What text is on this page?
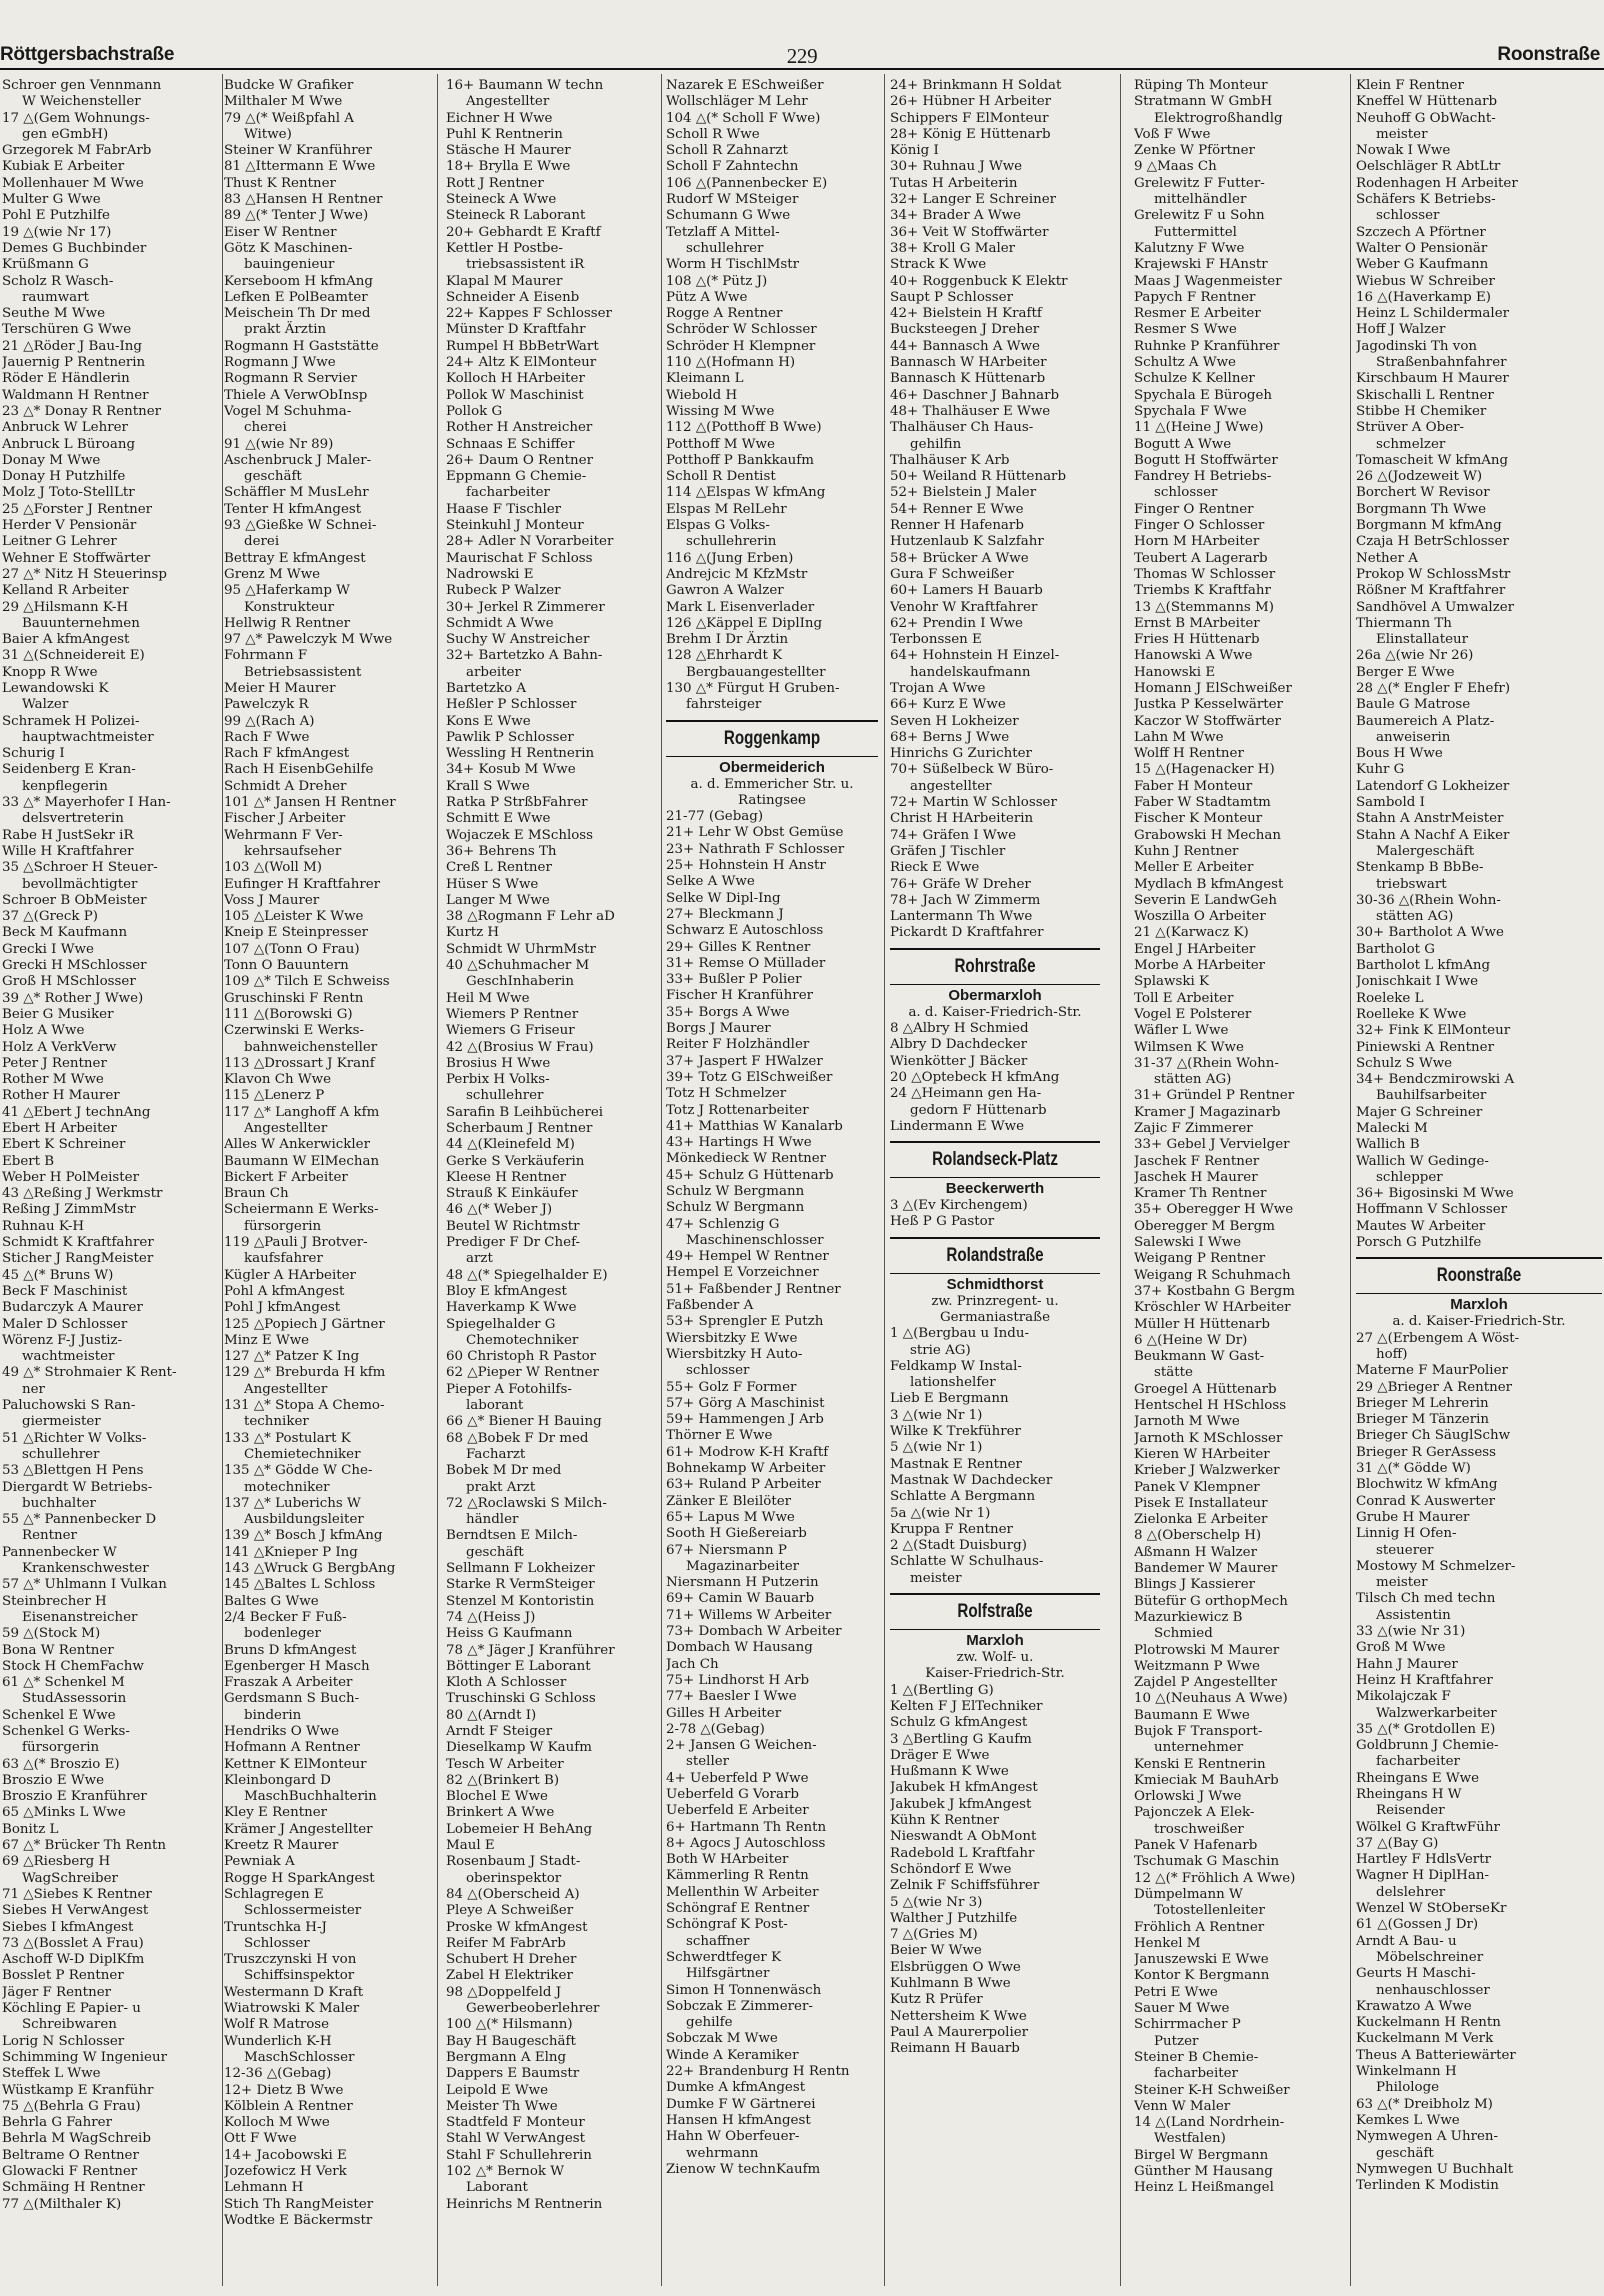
Röttgersbachstraße	229	Roonstraße
Schroer gen Vennmann
W Weichensteller
17 △(Gem Wohnungs-
gen eGmbH)
Grzegorek M FabrArb
Kubiak E Arbeiter
Mollenhauer M Wwe
Multer G Wwe
Pohl E Putzhilfe
19 △(wie Nr 17)
Demes G Buchbinder
Krüßmann G
Scholz R Wasch-
raumwart
Seuthe M Wwe
Terschüren G Wwe
21 △Röder J Bau-Ing
Jauernig P Rentnerin
Röder E Händlerin
Waldmann H Rentner
23 △* Donay R Rentner
Anbruck W Lehrer
Anbruck L Büroang
Donay M Wwe
Donay H Putzhilfe
Molz J Toto-StellLtr
25 △Forster J Rentner
Herder V Pensionär
Leitner G Lehrer
Wehner E Stoffwärter
27 △* Nitz H Steuerinsp
Kelland R Arbeiter
29 △Hilsmann K-H
Bauunternehmen
Baier A kfmAngest
31 △(Schneidereit E)
Knopp R Wwe
Lewandowski K
Walzer
Schramek H Polizei-
hauptwachtmeister
Schurig I
Seidenberg E Kran-
kenpflegerin
33 △* Mayerhofer I Han-
delsvertreterin
Rabe H JustSekr iR
Wille H Kraftfahrer
35 △Schroer H Steuer-
bevollmächtigter
Schroer B ObMeister
37 △(Greck P)
Beck M Kaufmann
Grecki I Wwe
Grecki H MSchlosser
Groß H MSchlosser
39 △* Rother J Wwe)
Beier G Musiker
Holz A Wwe
Holz A VerkVerw
Peter J Rentner
Rother M Wwe
Rother H Maurer
41 △Ebert J technAng
Ebert H Arbeiter
Ebert K Schreiner
Ebert B
Weber H PolMeister
43 △Reßing J Werkmstr
Reßing J ZimmMstr
Ruhnau K-H
Schmidt K Kraftfahrer
Sticher J RangMeister
45 △(* Bruns W)
Beck F Maschinist
Budarczyk A Maurer
Maler D Schlosser
Wörenz F-J Justiz-
wachtmeister
49 △* Strohmaier K Rent-
ner
Paluchowski S Ran-
giermeister
51 △Richter W Volks-
schullehrer
53 △Blettgen H Pens
Diergardt W Betriebs-
buchhalter
55 △* Pannenbecker D
Rentner
Pannenbecker W
Krankenschwester
57 △* Uhlmann I Vulkan
Steinbrecher H
Eisenanstreicher
59 △(Stock M)
Bona W Rentner
Stock H ChemFachw
61 △* Schenkel M
StudAssessorin
Schenkel E Wwe
Schenkel G Werks-
fürsorgerin
63 △(* Broszio E)
Broszio E Wwe
Broszio E Kranführer
65 △Minks L Wwe
Bonitz L
67 △* Brücker Th Rentn
69 △Riesberg H
WagSchreiber
71 △Siebes K Rentner
Siebes H VerwAngest
Siebes I kfmAngest
73 △(Bosslet A Frau)
Aschoff W-D DiplKfm
Bosslet P Rentner
Jäger F Rentner
Köchling E Papier- u
Schreibwaren
Lorig N Schlosser
Schimming W Ingenieur
Steffek L Wwe
Wüstkamp E Kranführ
75 △(Behrla G Frau)
Behrla G Fahrer
Behrla M WagSchreib
Beltrame O Rentner
Glowacki F Rentner
Schmäing H Rentner
77 △(Milthaler K)
Budcke W Grafiker
Milthaler M Wwe
79 △(* Weißpfahl A
Witwe)
Steiner W Kranführer
81 △Ittermann E Wwe
Thust K Rentner
83 △Hansen H Rentner
89 △(* Tenter J Wwe)
Eiser W Rentner
Götz K Maschinen-
bauingenieur
Kerseboom H kfmAng
Lefken E PolBeamter
Meischein Th Dr med
prakt Ärztin
Rogmann H Gaststätte
Rogmann J Wwe
Rogmann R Servier
Thiele A VerwObInsp
Vogel M Schuhma-
cherei
91 △(wie Nr 89)
Aschenbruck J Maler-
geschäft
Schäffler M MusLehr
Tenter H kfmAngest
93 △Gießke W Schnei-
derei
Bettray E kfmAngest
Grenz M Wwe
95 △Haferkamp W
Konstrukteur
Hellwig R Rentner
97 △* Pawelczyk M Wwe
Fohrmann F
Betriebsassistent
Meier H Maurer
Pawelczyk R
99 △(Rach A)
Rach F Wwe
Rach F kfmAngest
Rach H EisenbGehilfe
Schmidt A Dreher
101 △* Jansen H Rentner
Fischer J Arbeiter
Wehrmann F Ver-
kehrsaufseher
103 △(Woll M)
Eufinger H Kraftfahrer
Voss J Maurer
105 △Leister K Wwe
Kneip E Steinpresser
107 △(Tonn O Frau)
Tonn O Bauuntern
109 △* Tilch E Schweiss
Gruschinski F Rentn
111 △(Borowski G)
Czerwinski E Werks-
bahnweichensteller
113 △Drossart J Kranf
Klavon Ch Wwe
115 △Lenerz P
117 △* Langhoff A kfm
Angestellter
Alles W Ankerwickler
Baumann W ElMechan
Bickert F Arbeiter
Braun Ch
Scheiermann E Werks-
fürsorgerin
119 △Pauli J Brotver-
kaufsfahrer
Kügler A HArbeiter
Pohl A kfmAngest
Pohl J kfmAngest
125 △Popiech J Gärtner
Minz E Wwe
127 △* Patzer K Ing
129 △* Breburda H kfm
Angestellter
131 △* Stopa A Chemo-
techniker
133 △* Postulart K
Chemietechniker
135 △* Gödde W Che-
motechniker
137 △* Luberichs W
Ausbildungsleiter
139 △* Bosch J kfmAng
141 △Knieper P Ing
143 △Wruck G BergbAng
145 △Baltes L Schloss
Baltes G Wwe
2/4 Becker F Fuß-
bodenleger
Bruns D kfmAngest
Egenberger H Masch
Fraszak A Arbeiter
Gerdsmann S Buch-
binderin
Hendriks O Wwe
Hofmann A Rentner
Kettner K ElMonteur
Kleinbongard D
MaschBuchhalterin
Kley E Rentner
Krämer J Angestellter
Kreetz R Maurer
Pewniak A
Rogge H SparkAngest
Schlagregen E
Schlossermeister
Truntschka H-J
Schlosser
Truszczynski H von
Schiffsinspektor
Westermann D Kraft
Wiatrowski K Maler
Wolf R Matrose
Wunderlich K-H
MaschSchlosser
12-36 △(Gebag)
12+ Dietz B Wwe
Kölblein A Rentner
Kolloch M Wwe
Ott F Wwe
14+ Jacobowski E
Jozefowicz H Verk
Lehmann H
Stich Th RangMeister
Wodtke E Bäckermstr
16+ Baumann W techn
Angestellter
Eichner H Wwe
Puhl K Rentnerin
Stäsche H Maurer
18+ Brylla E Wwe
Rott J Rentner
Steineck A Wwe
Steineck R Laborant
20+ Gebhardt E Kraftf
Kettler H Postbe-
triebsassistent iR
Klapal M Maurer
Schneider A Eisenb
22+ Kappes F Schlosser
Münster D Kraftfahr
Rumpel H BbBetrWart
24+ Altz K ElMonteur
Kolloch H HArbeiter
Pollok W Maschinist
Pollok G
Rother H Anstreicher
Schnaas E Schiffer
26+ Daum O Rentner
Eppmann G Chemie-
facharbeiter
Haase F Tischler
Steinkuhl J Monteur
28+ Adler N Vorarbeiter
Maurischat F Schloss
Nadrowski E
Rubeck P Walzer
30+ Jerkel R Zimmerer
Schmidt A Wwe
Suchy W Anstreicher
32+ Bartetzko A Bahn-
arbeiter
Bartetzko A
Heßler P Schlosser
Kons E Wwe
Pawlik P Schlosser
Wessling H Rentnerin
34+ Kosub M Wwe
Krall S Wwe
Ratka P StrßbFahrer
Schmitt E Wwe
Wojaczek E MSchloss
36+ Behrens Th
Creß L Rentner
Hüser S Wwe
Langer M Wwe
38 △Rogmann F Lehr aD
Kurtz H
Schmidt W UhrmMstr
40 △Schuhmacher M
GeschInhaberin
Heil M Wwe
Wiemers P Rentner
Wiemers G Friseur
42 △(Brosius W Frau)
Brosius H Wwe
Perbix H Volks-
schullehrer
Sarafin B Leihbücherei
Scherbaum J Rentner
44 △(Kleinefeld M)
Gerke S Verkäuferin
Kleese H Rentner
Strauß K Einkäufer
46 △(* Weber J)
Beutel W Richtmstr
Prediger F Dr Chef-
arzt
48 △(* Spiegelhalder E)
Bloy E kfmAngest
Haverkamp K Wwe
Spiegelhalder G
Chemotechniker
60 Christoph R Pastor
62 △Pieper W Rentner
Pieper A Fotohilfs-
laborant
66 △* Biener H Bauing
68 △Bobek F Dr med
Facharzt
Bobek M Dr med
prakt Arzt
72 △Roclawski S Milch-
händler
Berndtsen E Milch-
geschäft
Sellmann F Lokheizer
Starke R VermSteiger
Stenzel M Kontoristin
74 △(Heiss J)
Heiss G Kaufmann
78 △* Jäger J Kranführer
Böttinger E Laborant
Kloth A Schlosser
Truschinski G Schloss
80 △(Arndt I)
Arndt F Steiger
Dieselkamp W Kaufm
Tesch W Arbeiter
82 △(Brinkert B)
Blochel E Wwe
Brinkert A Wwe
Lobemeier H BehAng
Maul E
Rosenbaum J Stadt-
oberinspektor
84 △(Oberscheid A)
Pleye A Schweißer
Proske W kfmAngest
Reifer M FabrArb
Schubert H Dreher
Zabel H Elektriker
98 △Doppelfeld J
Gewerbeoberlehrer
100 △(* Hilsmann)
Bay H Baugeschäft
Bergmann A Elng
Dappers E Baumstr
Leipold E Wwe
Meister Th Wwe
Stadtfeld F Monteur
Stahl W VerwAngest
Stahl F Schullehrerin
102 △* Bernok W
Laborant
Heinrichs M Rentnerin
Nazarek E ESchweißer
Wollschläger M Lehr
104 △(* Scholl F Wwe)
Scholl R Wwe
Scholl R Zahnarzt
Scholl F Zahntechn
106 △(Pannenbecker E)
Rudorf W MSteiger
Schumann G Wwe
Tetzlaff A Mittel-
schullehrer
Worm H TischlMstr
108 △(* Pütz J)
Pütz A Wwe
Rogge A Rentner
Schröder W Schlosser
Schröder H Klempner
110 △(Hofmann H)
Kleimann L
Wiebold H
Wissing M Wwe
112 △(Potthoff B Wwe)
Potthoff M Wwe
Potthoff P Bankkaufm
Scholl R Dentist
114 △Elspas W kfmAng
Elspas M RelLehr
Elspas G Volks-
schullehrerin
116 △(Jung Erben)
Andrejcic M KfzMstr
Gawron A Walzer
Mark L Eisenverlader
126 △Käppel E DiplIng
Brehm I Dr Ärztin
128 △Ehrhardt K
Bergbauangestellter
130 △* Fürgut H Gruben-
fahrsteiger
Roggenkamp
Obermeiderich
a. d. Emmericher Str. u.
Ratingsee
21-77 (Gebag)
21+ Lehr W Obst Gemüse
23+ Nathrath F Schlosser
25+ Hohnstein H Anstr
Selke A Wwe
Selke W Dipl-Ing
27+ Bleckmann J
Schwarz E Autoschloss
29+ Gilles K Rentner
31+ Remse O Müllader
33+ Bußler P Polier
Fischer H Kranführer
35+ Borgs A Wwe
Borgs J Maurer
Reiter F Holzhändler
37+ Jaspert F HWalzer
39+ Totz G ElSchweißer
Totz H Schmelzer
Totz J Rottenarbeiter
41+ Matthias W Kanalarb
43+ Hartings H Wwe
Mönkedieck W Rentner
45+ Schulz G Hüttenarb
Schulz W Bergmann
Schulz W Bergmann
47+ Schlenzig G
Maschinenschlosser
49+ Hempel W Rentner
Hempel E Vorzeichner
51+ Faßbender J Rentner
Faßbender A
53+ Sprengler E Putzh
Wiersbitzky E Wwe
Wiersbitzky H Auto-
schlosser
55+ Golz F Former
57+ Görg A Maschinist
59+ Hammengen J Arb
Thörner E Wwe
61+ Modrow K-H Kraftf
Bohnekamp W Arbeiter
63+ Ruland P Arbeiter
Zänker E Bleilöter
65+ Lapus M Wwe
Sooth H Gießereiarb
67+ Niersmann P
Magazinarbeiter
Niersmann H Putzerin
69+ Camin W Bauarb
71+ Willems W Arbeiter
73+ Dombach W Arbeiter
Dombach W Hausang
Jach Ch
75+ Lindhorst H Arb
77+ Baesler I Wwe
Gilles H Arbeiter
2-78 △(Gebag)
2+ Jansen G Weichen-
steller
4+ Ueberfeld P Wwe
Ueberfeld G Vorarb
Ueberfeld E Arbeiter
6+ Hartmann Th Rentn
8+ Agocs J Autoschloss
Both W HArbeiter
Kämmerling R Rentn
Mellenthin W Arbeiter
Schöngraf E Rentner
Schöngraf K Post-
schaffner
Schwerdtfeger K
Hilfsgärtner
Simon H Tonnenwäsch
Sobczak E Zimmerer-
gehilfe
Sobczak M Wwe
Winde A Keramiker
22+ Brandenburg H Rentn
Dumke A kfmAngest
Dumke F W Gärtnerei
Hansen H kfmAngest
Hahn W Oberfeuer-
wehrmann
Zienow W technKaufm
24+ Brinkmann H Soldat
26+ Hübner H Arbeiter
Schippers F ElMonteur
28+ König E Hüttenarb
König I
30+ Ruhnau J Wwe
Tutas H Arbeiterin
32+ Langer E Schreiner
34+ Brader A Wwe
36+ Veit W Stoffwärter
38+ Kroll G Maler
Strack K Wwe
40+ Roggenbuck K Elektr
Saupt P Schlosser
42+ Bielstein H Kraftf
Bucksteegen J Dreher
44+ Bannasch A Wwe
Bannasch W HArbeiter
Bannasch K Hüttenarb
46+ Daschner J Bahnarb
48+ Thalhäuser E Wwe
Thalhäuser Ch Haus-
gehilfin
Thalhäuser K Arb
50+ Weiland R Hüttenarb
52+ Bielstein J Maler
54+ Renner E Wwe
Renner H Hafenarb
Hutzenlaub K Salzfahr
58+ Brücker A Wwe
Gura F Schweißer
60+ Lamers H Bauarb
Venohr W Kraftfahrer
62+ Prendin I Wwe
Terbonssen E
64+ Hohnstein H Einzel-
handelskaufmann
Trojan A Wwe
66+ Kurz E Wwe
Seven H Lokheizer
68+ Berns J Wwe
Hinrichs G Zurichter
70+ Süßelbeck W Büro-
angestellter
72+ Martin W Schlosser
Christ H HArbeiterin
74+ Gräfen I Wwe
Gräfen J Tischler
Rieck E Wwe
76+ Gräfe W Dreher
78+ Jach W Zimmerm
Lantermann Th Wwe
Pickardt D Kraftfahrer
Rohrstraße
Obermarxloh
a. d. Kaiser-Friedrich-Str.
8 △Albry H Schmied
Albry D Dachdecker
Wienkötter J Bäcker
20 △Optebeck H kfmAng
24 △Heimann gen Ha-
gedorn F Hüttenarb
Lindermann E Wwe
Rolandseck-Platz
Beeckerwerth
3 △(Ev Kirchengem)
Heß P G Pastor
Rolandstraße
Schmidthorst
zw. Prinzregent- u.
Germaniastraße
1 △(Bergbau u Indu-
strie AG)
Feldkamp W Instal-
lationshelfer
Lieb E Bergmann
3 △(wie Nr 1)
Wilke K Trekführer
5 △(wie Nr 1)
Mastnak E Rentner
Mastnak W Dachdecker
Schlatte A Bergmann
5a △(wie Nr 1)
Kruppa F Rentner
2 △(Stadt Duisburg)
Schlatte W Schulhaus-
meister
Rolfstraße
Marxloh
zw. Wolf- u.
Kaiser-Friedrich-Str.
1 △(Bertling G)
Kelten F J ElTechniker
Schulz G kfmAngest
3 △Bertling G Kaufm
Dräger E Wwe
Hußmann K Wwe
Jakubek H kfmAngest
Jakubek J kfmAngest
Kühn K Rentner
Nieswandt A ObMont
Radebold L Kraftfahr
Schöndorf E Wwe
Zelnik F Schiffsführer
5 △(wie Nr 3)
Walther J Putzhilfe
7 △(Gries M)
Beier W Wwe
Elsbrüggen O Wwe
Kuhlmann B Wwe
Kutz R Prüfer
Nettersheim K Wwe
Paul A Maurerpolier
Reimann H Bauarb
Rüping Th Monteur
Stratmann W GmbH
Elektrogroßhandlg
Voß F Wwe
Zenke W Pförtner
9 △Maas Ch
Grelewitz F Futter-
mittelhändler
Grelewitz F u Sohn
Futtermittel
Kalutzny F Wwe
Krajewski F HAnstr
Maas J Wagenmeister
Papych F Rentner
Resmer E Arbeiter
Resmer S Wwe
Ruhnke P Kranführer
Schultz A Wwe
Schulze K Kellner
Spychala E Bürogeh
Spychala F Wwe
11 △(Heine J Wwe)
Bogutt A Wwe
Bogutt H Stoffwärter
Fandrey H Betriebs-
schlosser
Finger O Rentner
Finger O Schlosser
Horn M HArbeiter
Teubert A Lagerarb
Thomas W Schlosser
Triembs K Kraftfahr
13 △(Stemmanns M)
Ernst B MArbeiter
Fries H Hüttenarb
Hanowski A Wwe
Hanowski E
Homann J ElSchweißer
Justka P Kesselwärter
Kaczor W Stoffwärter
Lahn M Wwe
Wolff H Rentner
15 △(Hagenacker H)
Faber H Monteur
Faber W Stadtamtm
Fischer K Monteur
Grabowski H Mechan
Kuhn J Rentner
Meller E Arbeiter
Mydlach B kfmAngest
Severin E LandwGeh
Woszilla O Arbeiter
21 △(Karwacz K)
Engel J HArbeiter
Morbe A HArbeiter
Splawski K
Toll E Arbeiter
Vogel E Polsterer
Wäfler L Wwe
Wilmsen K Wwe
31-37 △(Rhein Wohn-
stätten AG)
31+ Gründel P Rentner
Kramer J Magazinarb
Zajic F Zimmerer
33+ Gebel J Vervielger
Jaschek F Rentner
Jaschek H Maurer
Kramer Th Rentner
35+ Oberegger H Wwe
Oberegger M Bergm
Salewski I Wwe
Weigang P Rentner
Weigang R Schuhmach
37+ Kostbahn G Bergm
Kröschler W HArbeiter
Müller H Hüttenarb
6 △(Heine W Dr)
Beukmann W Gast-
stätte
Groegel A Hüttenarb
Hentschel H HSchloss
Jarnoth M Wwe
Jarnoth K MSchlosser
Kieren W HArbeiter
Krieber J Walzwerker
Panek V Klempner
Pisek E Installateur
Zielonka E Arbeiter
8 △(Oberschelp H)
Aßmann H Walzer
Bandemer W Maurer
Blings J Kassierer
Bütefür G orthopMech
Mazurkiewicz B
Schmied
Plotrowski M Maurer
Weitzmann P Wwe
Zajdel P Angestellter
10 △(Neuhaus A Wwe)
Baumann E Wwe
Bujok F Transport-
unternehmer
Kenski E Rentnerin
Kmieciak M BauhArb
Orlowski J Wwe
Pajonczek A Elek-
troschweißer
Panek V Hafenarb
Tschumak G Maschin
12 △(* Fröhlich A Wwe)
Dümpelmann W
Totostellenleiter
Fröhlich A Rentner
Henkel M
Januszewski E Wwe
Kontor K Bergmann
Petri E Wwe
Sauer M Wwe
Schirrmacher P
Putzer
Steiner B Chemie-
facharbeiter
Steiner K-H Schweißer
Venn W Maler
14 △(Land Nordrhein-
Westfalen)
Birgel W Bergmann
Günther M Hausang
Heinz L Heißmangel
Klein F Rentner
Kneffel W Hüttenarb
Neuhoff G ObWacht-
meister
Nowak I Wwe
Oelschläger R AbtLtr
Rodenhagen H Arbeiter
Schäfers K Betriebs-
schlosser
Szczech A Pförtner
Walter O Pensionär
Weber G Kaufmann
Wiebus W Schreiber
16 △(Haverkamp E)
Heinz L Schildermaler
Hoff J Walzer
Jagodinski Th von
Straßenbahnfahrer
Kirschbaum H Maurer
Skischalli L Rentner
Stibbe H Chemiker
Strüver A Ober-
schmelzer
Tomascheit W kfmAng
26 △(Jodzeweit W)
Borchert W Revisor
Borgmann Th Wwe
Borgmann M kfmAng
Czaja H BetrSchlosser
Nether A
Prokop W SchlossMstr
Rößner M Kraftfahrer
Sandhövel A Umwalzer
Thiermann Th
Elinstallateur
26a △(wie Nr 26)
Berger E Wwe
28 △(* Engler F Ehefr)
Baule G Matrose
Baumereich A Platz-
anweiserin
Bous H Wwe
Kuhr G
Latendorf G Lokheizer
Sambold I
Stahn A AnstrMeister
Stahn A Nachf A Eiker
Malergeschäft
Stenkamp B BbBe-
triebswart
30-36 △(Rhein Wohn-
stätten AG)
30+ Bartholot A Wwe
Bartholot G
Bartholot L kfmAng
Jonischkait I Wwe
Roeleke L
Roelleke K Wwe
32+ Fink K ElMonteur
Piniewski A Rentner
Schulz S Wwe
34+ Bendczmirowski A
Bauhilfsarbeiter
Majer G Schreiner
Malecki M
Wallich B
Wallich W Gedinge-
schlepper
36+ Bigosinski M Wwe
Hoffmann V Schlosser
Mautes W Arbeiter
Porsch G Putzhilfe
Roonstraße
Marxloh
a. d. Kaiser-Friedrich-Str.
27 △(Erbengem A Wöst-
hoff)
Materne F MaurPolier
29 △Brieger A Rentner
Brieger M Lehrerin
Brieger M Tänzerin
Brieger Ch SäuglSchw
Brieger R GerAssess
31 △(* Gödde W)
Blochwitz W kfmAng
Conrad K Auswerter
Grube H Maurer
Linnig H Ofen-
steuerer
Mostowy M Schmelzer-
meister
Tilsch Ch med techn
Assistentin
33 △(wie Nr 31)
Groß M Wwe
Hahn J Maurer
Heinz H Kraftfahrer
Mikolajczak F
Walzwerkarbeiter
35 △(* Grotdollen E)
Goldbrunn J Chemie-
facharbeiter
Rheingans E Wwe
Rheingans H W
Reisender
Wölkel G KraftwFühr
37 △(Bay G)
Hartley F HdlsVertr
Wagner H DiplHan-
delslehrer
Wenzel W StOberseKr
61 △(Gossen J Dr)
Arndt A Bau- u
Möbelschreiner
Geurts H Maschi-
nenhauschlosser
Krawatzo A Wwe
Kuckelmann H Rentn
Kuckelmann M Verk
Theus A Batteriewärter
Winkelmann H
Philologe
63 △(* Dreibholz M)
Kemkes L Wwe
Nymwegen A Uhren-
geschäft
Nymwegen U Buchhalt
Terlinden K Modistin
